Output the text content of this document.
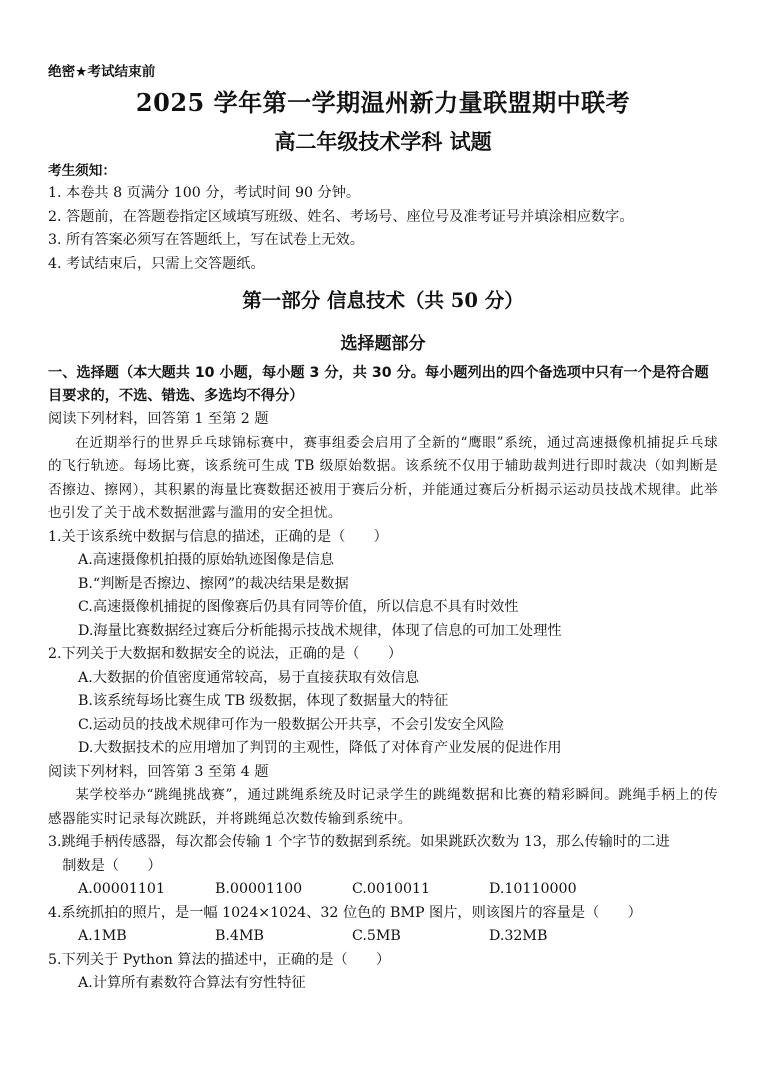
绝密★考试结束前

2025 学年第一学期温州新力量联盟期中联考
高二年级技术学科 试题

考生须知：

1. 本卷共 8 页满分 100 分，考试时间 90 分钟。
2. 答题前，在答题卷指定区域填写班级、姓名、考场号、座位号及准考证号并填涂相应数字。
3. 所有答案必须写在答题纸上，写在试卷上无效。
4. 考试结束后，只需上交答题纸。
第一部分 信息技术（共 50 分）
选择题部分

一、选择题（本大题共 10 小题，每小题 3 分，共 30 分。每小题列出的四个备选项中只有一个是符合题目要求的，不选、错选、多选均不得分）

阅读下列材料，回答第 1 至第 2 题

在近期举行的世界乒乓球锦标赛中，赛事组委会启用了全新的“鹰眼”系统，通过高速摄像机捕捉乒乓球的飞行轨迹。每场比赛，该系统可生成 TB 级原始数据。该系统不仅用于辅助裁判进行即时裁决（如判断是否擦边、擦网），其积累的海量比赛数据还被用于赛后分析，并能通过赛后分析揭示运动员技战术规律。此举也引发了关于战术数据泄露与滥用的安全担忧。

1.关于该系统中数据与信息的描述，正确的是（　　）

A.高速摄像机拍摄的原始轨迹图像是信息
B.“判断是否擦边、擦网”的裁决结果是数据
C.高速摄像机捕捉的图像赛后仍具有同等价值，所以信息不具有时效性
D.海量比赛数据经过赛后分析能揭示技战术规律，体现了信息的可加工处理性

2.下列关于大数据和数据安全的说法，正确的是（　　）

A.大数据的价值密度通常较高，易于直接获取有效信息
B.该系统每场比赛生成 TB 级数据，体现了数据量大的特征
C.运动员的技战术规律可作为一般数据公开共享，不会引发安全风险
D.大数据技术的应用增加了判罚的主观性，降低了对体育产业发展的促进作用

阅读下列材料，回答第 3 至第 4 题

某学校举办“跳绳挑战赛”，通过跳绳系统及时记录学生的跳绳数据和比赛的精彩瞬间。跳绳手柄上的传感器能实时记录每次跳跃，并将跳绳总次数传输到系统中。

3.跳绳手柄传感器，每次都会传输 1 个字节的数据到系统。如果跳跃次数为 13，那么传输时的二进
制数是（　　）

A.00001101	B.00001100	C.0010011	D.10110000

4.系统抓拍的照片，是一幅 1024×1024、32 位色的 BMP 图片，则该图片的容量是（　　）

A.1MB	B.4MB	C.5MB	D.32MB

5.下列关于 Python 算法的描述中，正确的是（　　）

A.计算所有素数符合算法有穷性特征
